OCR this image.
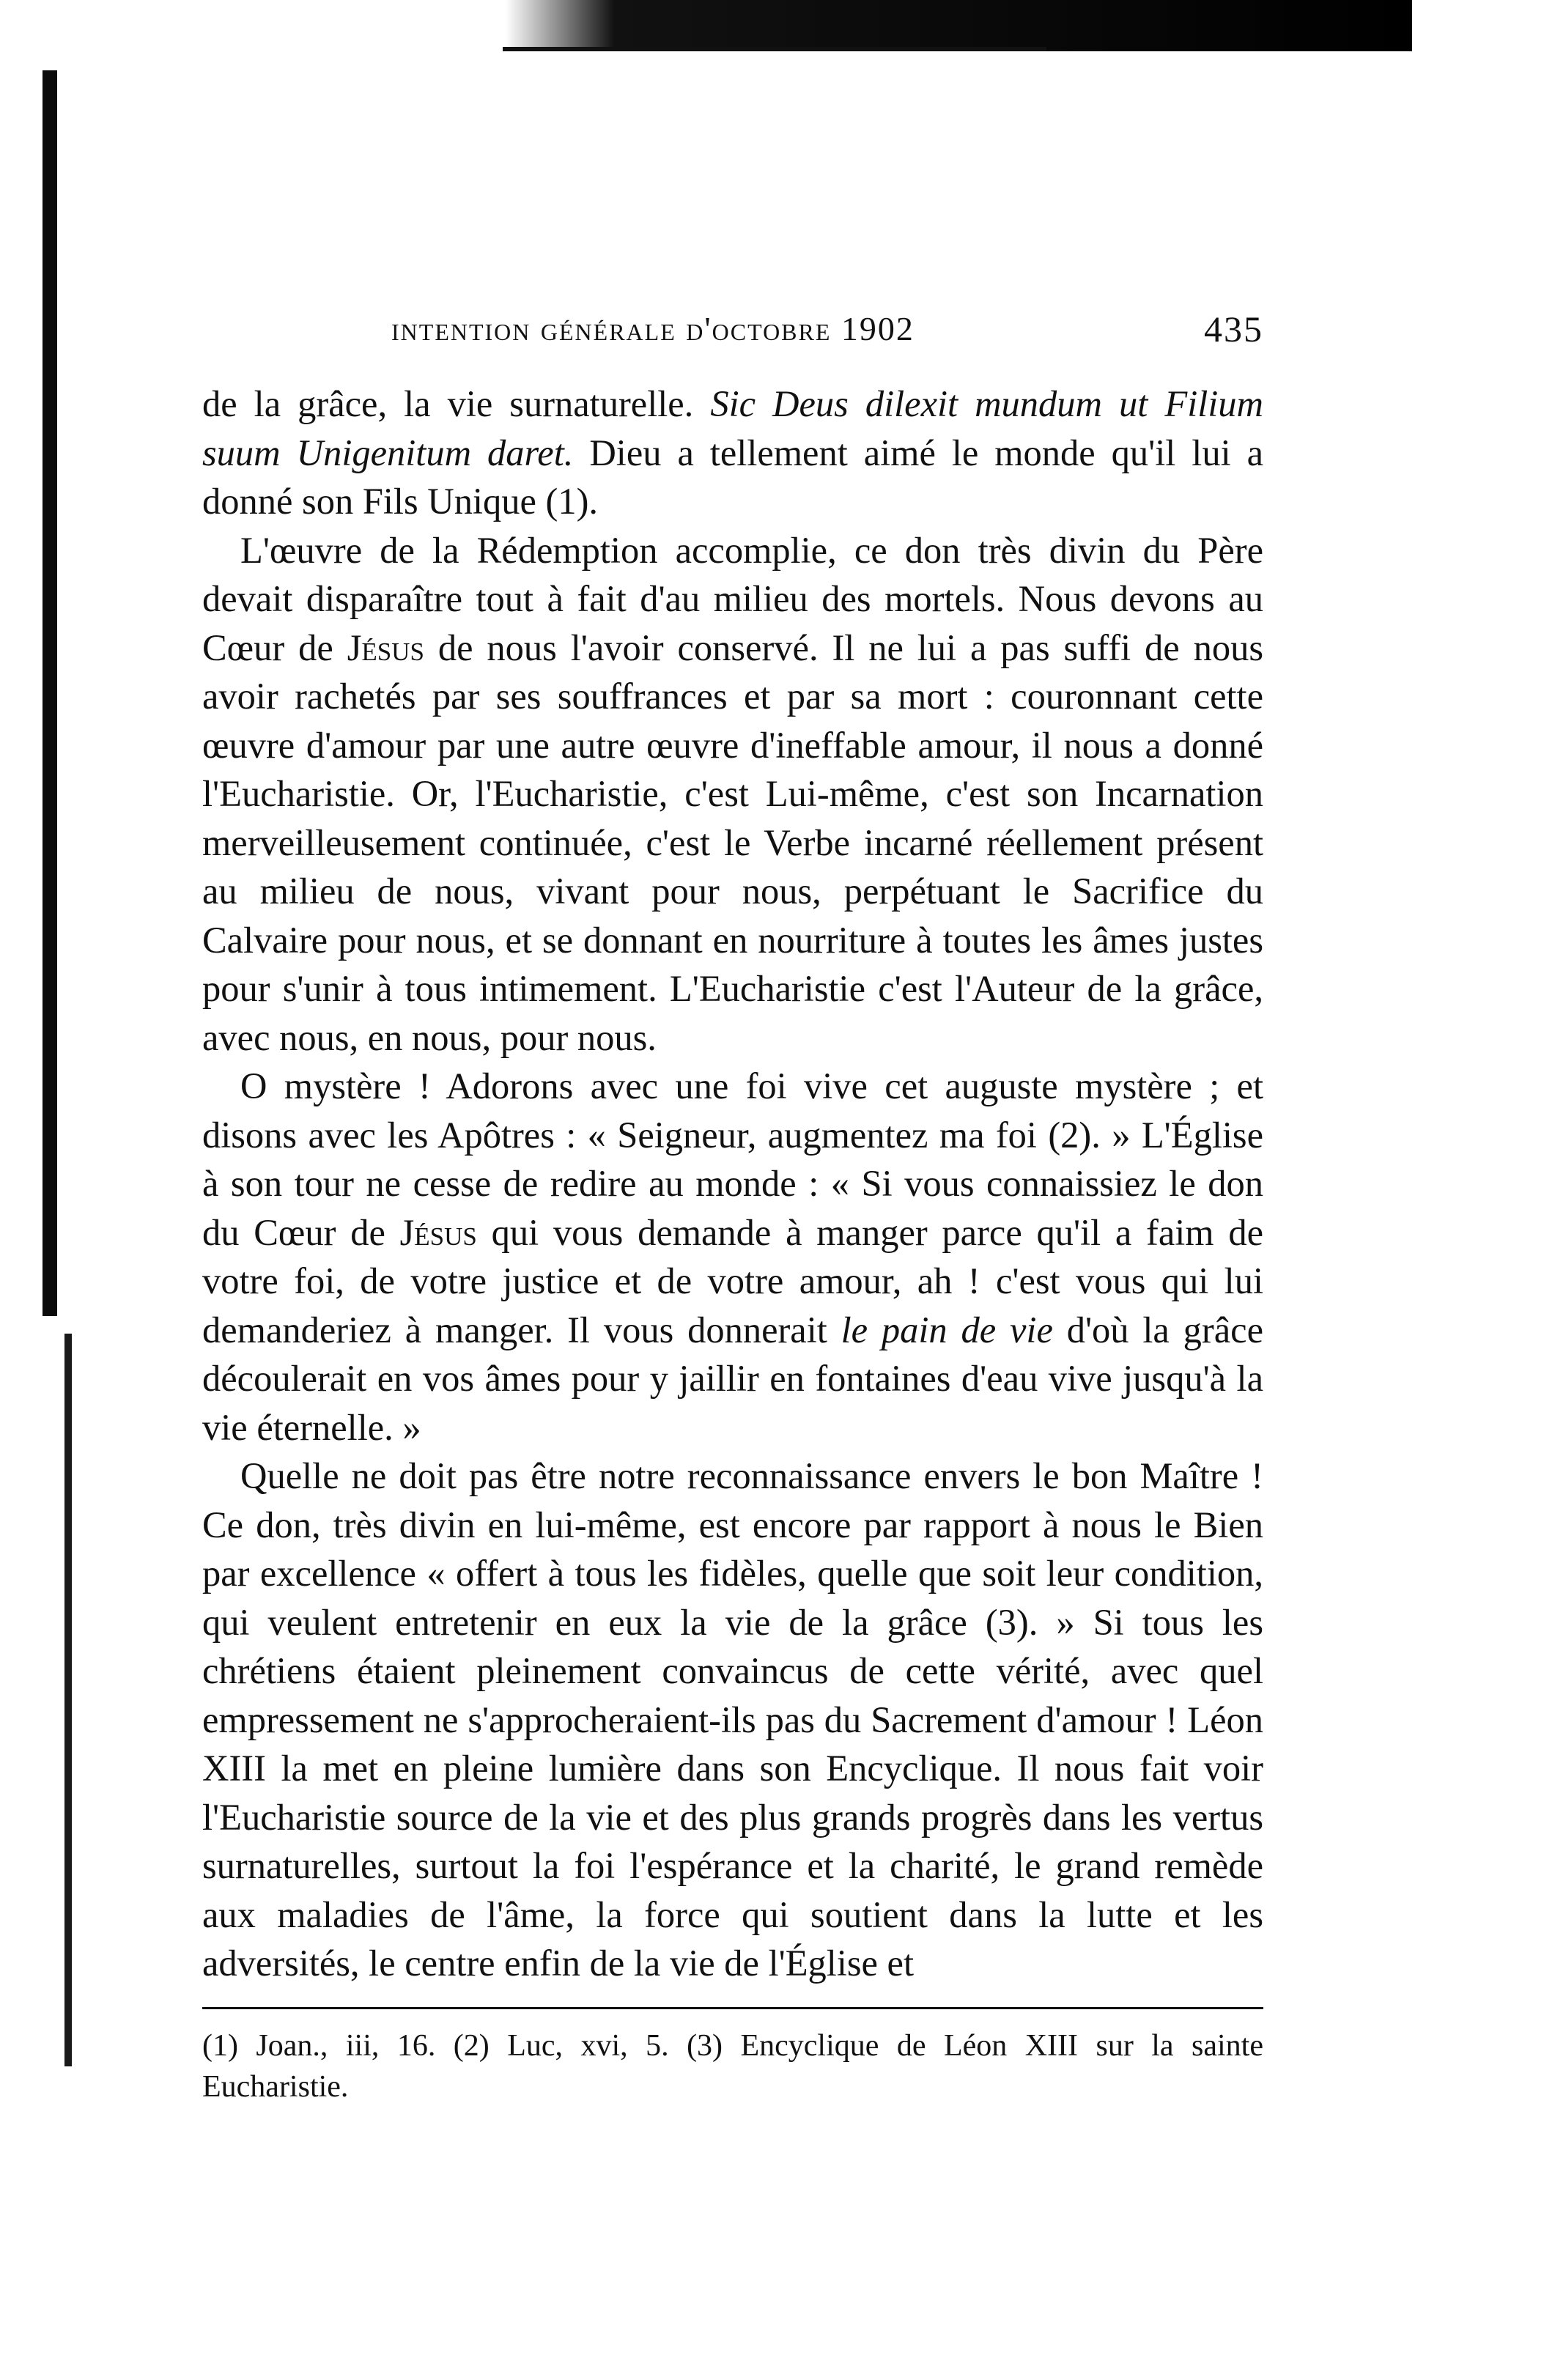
intention générale d'octobre 1902	435

de la grâce, la vie surnaturelle. Sic Deus dilexit mundum ut Filium suum Unigenitum daret. Dieu a tellement aimé le monde qu'il lui a donné son Fils Unique (1).

L'œuvre de la Rédemption accomplie, ce don très divin du Père devait disparaître tout à fait d'au milieu des mortels. Nous devons au Cœur de Jésus de nous l'avoir conservé. Il ne lui a pas suffi de nous avoir rachetés par ses souffrances et par sa mort : couronnant cette œuvre d'amour par une autre œuvre d'ineffable amour, il nous a donné l'Eucharistie. Or, l'Eucharistie, c'est Lui-même, c'est son Incarnation merveilleusement continuée, c'est le Verbe incarné réellement présent au milieu de nous, vivant pour nous, perpétuant le Sacrifice du Calvaire pour nous, et se donnant en nourriture à toutes les âmes justes pour s'unir à tous intimement. L'Eucharistie c'est l'Auteur de la grâce, avec nous, en nous, pour nous.

O mystère ! Adorons avec une foi vive cet auguste mystère ; et disons avec les Apôtres : « Seigneur, augmentez ma foi (2). » L'Église à son tour ne cesse de redire au monde : « Si vous connaissiez le don du Cœur de Jésus qui vous demande à manger parce qu'il a faim de votre foi, de votre justice et de votre amour, ah ! c'est vous qui lui demanderiez à manger. Il vous donnerait le pain de vie d'où la grâce découlerait en vos âmes pour y jaillir en fontaines d'eau vive jusqu'à la vie éternelle. »

Quelle ne doit pas être notre reconnaissance envers le bon Maître ! Ce don, très divin en lui-même, est encore par rapport à nous le Bien par excellence « offert à tous les fidèles, quelle que soit leur condition, qui veulent entretenir en eux la vie de la grâce (3). » Si tous les chrétiens étaient pleinement convaincus de cette vérité, avec quel empressement ne s'approcheraient-ils pas du Sacrement d'amour ! Léon XIII la met en pleine lumière dans son Encyclique. Il nous fait voir l'Eucharistie source de la vie et des plus grands progrès dans les vertus surnaturelles, surtout la foi l'espérance et la charité, le grand remède aux maladies de l'âme, la force qui soutient dans la lutte et les adversités, le centre enfin de la vie de l'Église et

(1) Joan., iii, 16. (2) Luc, xvi, 5. (3) Encyclique de Léon XIII sur la sainte Eucharistie.
